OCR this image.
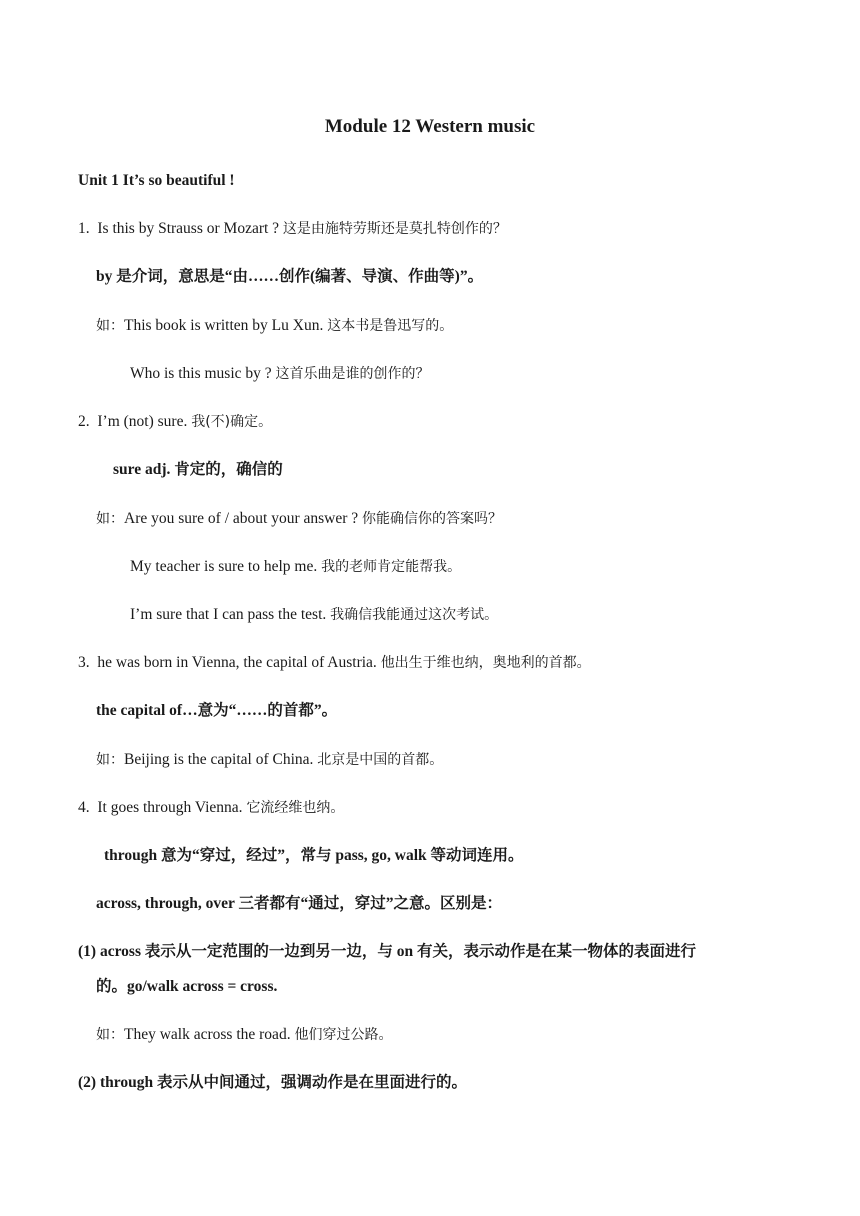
Module 12 Western music
Unit 1 It’s so beautiful !
1. Is this by Strauss or Mozart ? 这是由施特劳斯还是莫扎特创作的？
by 是介词，意思是“由……创作(编著、导演、作曲等)”。
如：This book is written by Lu Xun. 这本书是鲁迅写的。
Who is this music by ? 这首乐曲是谁的创作的？
2. I’m (not) sure. 我(不)确定。
sure adj. 肯定的，确信的
如：Are you sure of / about your answer ? 你能确信你的答案吗？
My teacher is sure to help me. 我的老师肯定能帮我。
I’m sure that I can pass the test. 我确信我能通过这次考试。
3. he was born in Vienna, the capital of Austria. 他出生于维也纳，奥地利的首都。
the capital of…意为“……的首都”。
如：Beijing is the capital of China. 北京是中国的首都。
4. It goes through Vienna. 它流经维也纳。
through 意为“穿过，经过”，常与 pass, go, walk 等动词连用。
across, through, over 三者都有“通过，穿过”之意。区别是：
(1) across 表示从一定范围的一边到另一边，与 on 有关，表示动作是在某一物体的表面进行
的。go/walk across = cross.
如：They walk across the road. 他们穿过公路。
(2) through 表示从中间通过，强调动作是在里面进行的。
